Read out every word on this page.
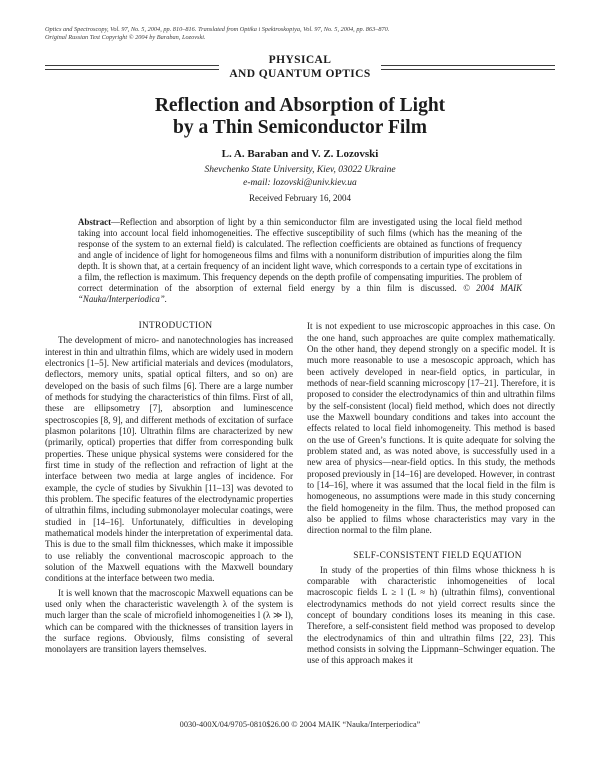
Optics and Spectroscopy, Vol. 97, No. 5, 2004, pp. 810–816. Translated from Optika i Spektroskopiya, Vol. 97, No. 5, 2004, pp. 863–870.
Original Russian Text Copyright © 2004 by Baraban, Lozovski.
PHYSICAL
AND QUANTUM OPTICS
Reflection and Absorption of Light
by a Thin Semiconductor Film
L. A. Baraban and V. Z. Lozovski
Shevchenko State University, Kiev, 03022 Ukraine
e-mail: lozovski@univ.kiev.ua
Received February 16, 2004
Abstract—Reflection and absorption of light by a thin semiconductor film are investigated using the local field method taking into account local field inhomogeneities. The effective susceptibility of such films (which has the meaning of the response of the system to an external field) is calculated. The reflection coefficients are obtained as functions of frequency and angle of incidence of light for homogeneous films and films with a nonuniform distribution of impurities along the film depth. It is shown that, at a certain frequency of an incident light wave, which corresponds to a certain type of excitations in a film, the reflection is maximum. This frequency depends on the depth profile of compensating impurities. The problem of correct determination of the absorption of external field energy by a thin film is discussed. © 2004 MAIK “Nauka/Interperiodica”.

INTRODUCTION

The development of micro- and nanotechnologies has increased interest in thin and ultrathin films, which are widely used in modern electronics [1–5]. New artificial materials and devices (modulators, deflectors, memory units, spatial optical filters, and so on) are developed on the basis of such films [6]. There are a large number of methods for studying the characteristics of thin films. First of all, these are ellipsometry [7], absorption and luminescence spectroscopies [8, 9], and different methods of excitation of surface plasmon polaritons [10]. Ultrathin films are characterized by new (primarily, optical) properties that differ from corresponding bulk properties. These unique physical systems were considered for the first time in study of the reflection and refraction of light at the interface between two media at large angles of incidence. For example, the cycle of studies by Sivukhin [11–13] was devoted to this problem. The specific features of the electrodynamic properties of ultrathin films, including submonolayer molecular coatings, were studied in [14–16]. Unfortunately, difficulties in developing mathematical models hinder the interpretation of experimental data. This is due to the small film thicknesses, which make it impossible to use reliably the conventional macroscopic approach to the solution of the Maxwell equations with the Maxwell boundary conditions at the interface between two media.

It is well known that the macroscopic Maxwell equations can be used only when the characteristic wavelength λ of the system is much larger than the scale of microfield inhomogeneities l (λ ≫ l), which can be compared with the thicknesses of transition layers in the surface regions. Obviously, films consisting of several monolayers are transition layers themselves.

It is not expedient to use microscopic approaches in this case. On the one hand, such approaches are quite complex mathematically. On the other hand, they depend strongly on a specific model. It is much more reasonable to use a mesoscopic approach, which has been actively developed in near-field optics, in particular, in methods of near-field scanning microscopy [17–21]. Therefore, it is proposed to consider the electrodynamics of thin and ultrathin films by the self-consistent (local) field method, which does not directly use the Maxwell boundary conditions and takes into account the effects related to local field inhomogeneity. This method is based on the use of Green’s functions. It is quite adequate for solving the problem stated and, as was noted above, is successfully used in a new area of physics—near-field optics. In this study, the methods proposed previously in [14–16] are developed. However, in contrast to [14–16], where it was assumed that the local field in the film is homogeneous, no assumptions were made in this study concerning the field homogeneity in the film. Thus, the method proposed can also be applied to films whose characteristics may vary in the direction normal to the film plane.

SELF-CONSISTENT FIELD EQUATION

In study of the properties of thin films whose thickness h is comparable with characteristic inhomogeneities of local macroscopic fields L ≥ l (L ≈ h) (ultrathin films), conventional electrodynamics methods do not yield correct results since the concept of boundary conditions loses its meaning in this case. Therefore, a self-consistent field method was proposed to develop the electrodynamics of thin and ultrathin films [22, 23]. This method consists in solving the Lippmann–Schwinger equation. The use of this approach makes it

0030-400X/04/9705-0810$26.00 © 2004 MAIK “Nauka/Interperiodica”
